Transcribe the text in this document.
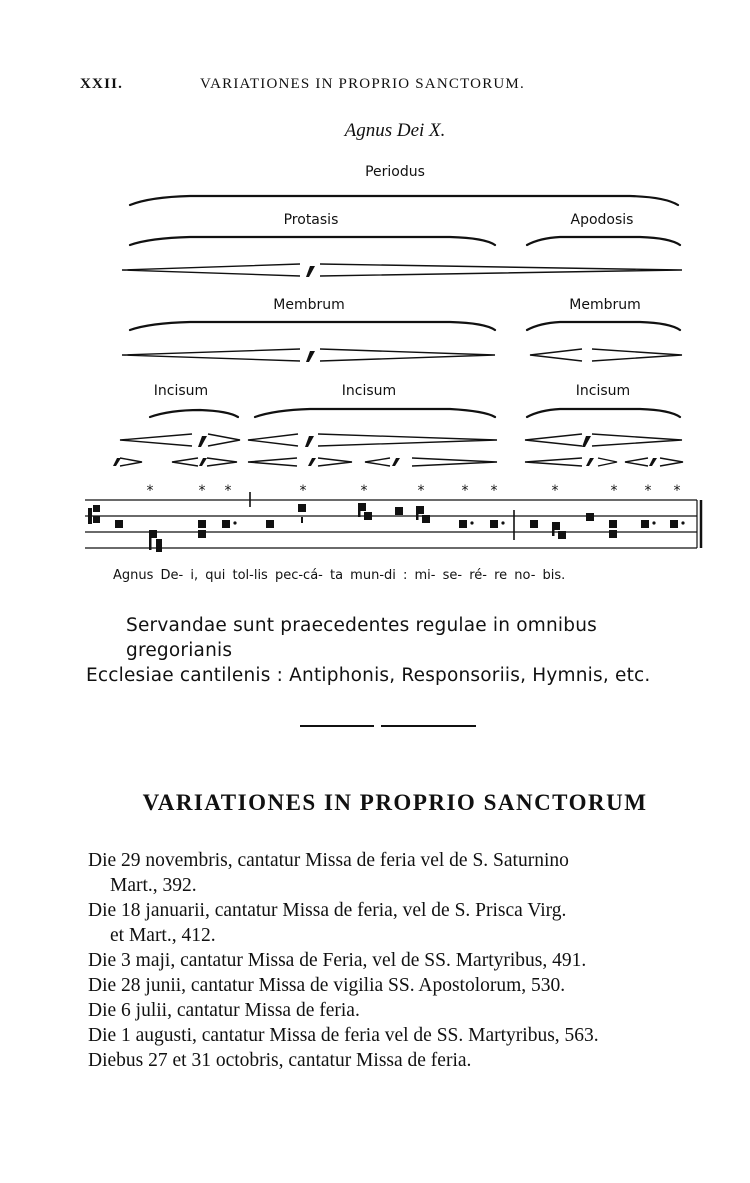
XXII.	VARIATIONES IN PROPRIO SANCTORUM.
Agnus Dei X.
Periodus
Protasis	Apodosis
Membrum	Membrum
Incisum	Incisum	Incisum
*	* *	*	*	*	* *	*	* * *
Agnus De- i, qui tol-lis pec-cá- ta mun-di : mi- se- ré- re no- bis.

Servandae sunt praecedentes regulae in omnibus gregorianis

Ecclesiae cantilenis : Antiphonis, Responsoriis, Hymnis, etc.

VARIATIONES IN PROPRIO SANCTORUM
Die 29 novembris, cantatur Missa de feria vel de S. Saturnino
Mart., 392.
Die 18 januarii, cantatur Missa de feria, vel de S. Prisca Virg.
et Mart., 412.
Die 3 maji, cantatur Missa de Feria, vel de SS. Martyribus, 491.
Die 28 junii, cantatur Missa de vigilia SS. Apostolorum, 530.
Die 6 julii, cantatur Missa de feria.
Die 1 augusti, cantatur Missa de feria vel de SS. Martyribus, 563.
Diebus 27 et 31 octobris, cantatur Missa de feria.
